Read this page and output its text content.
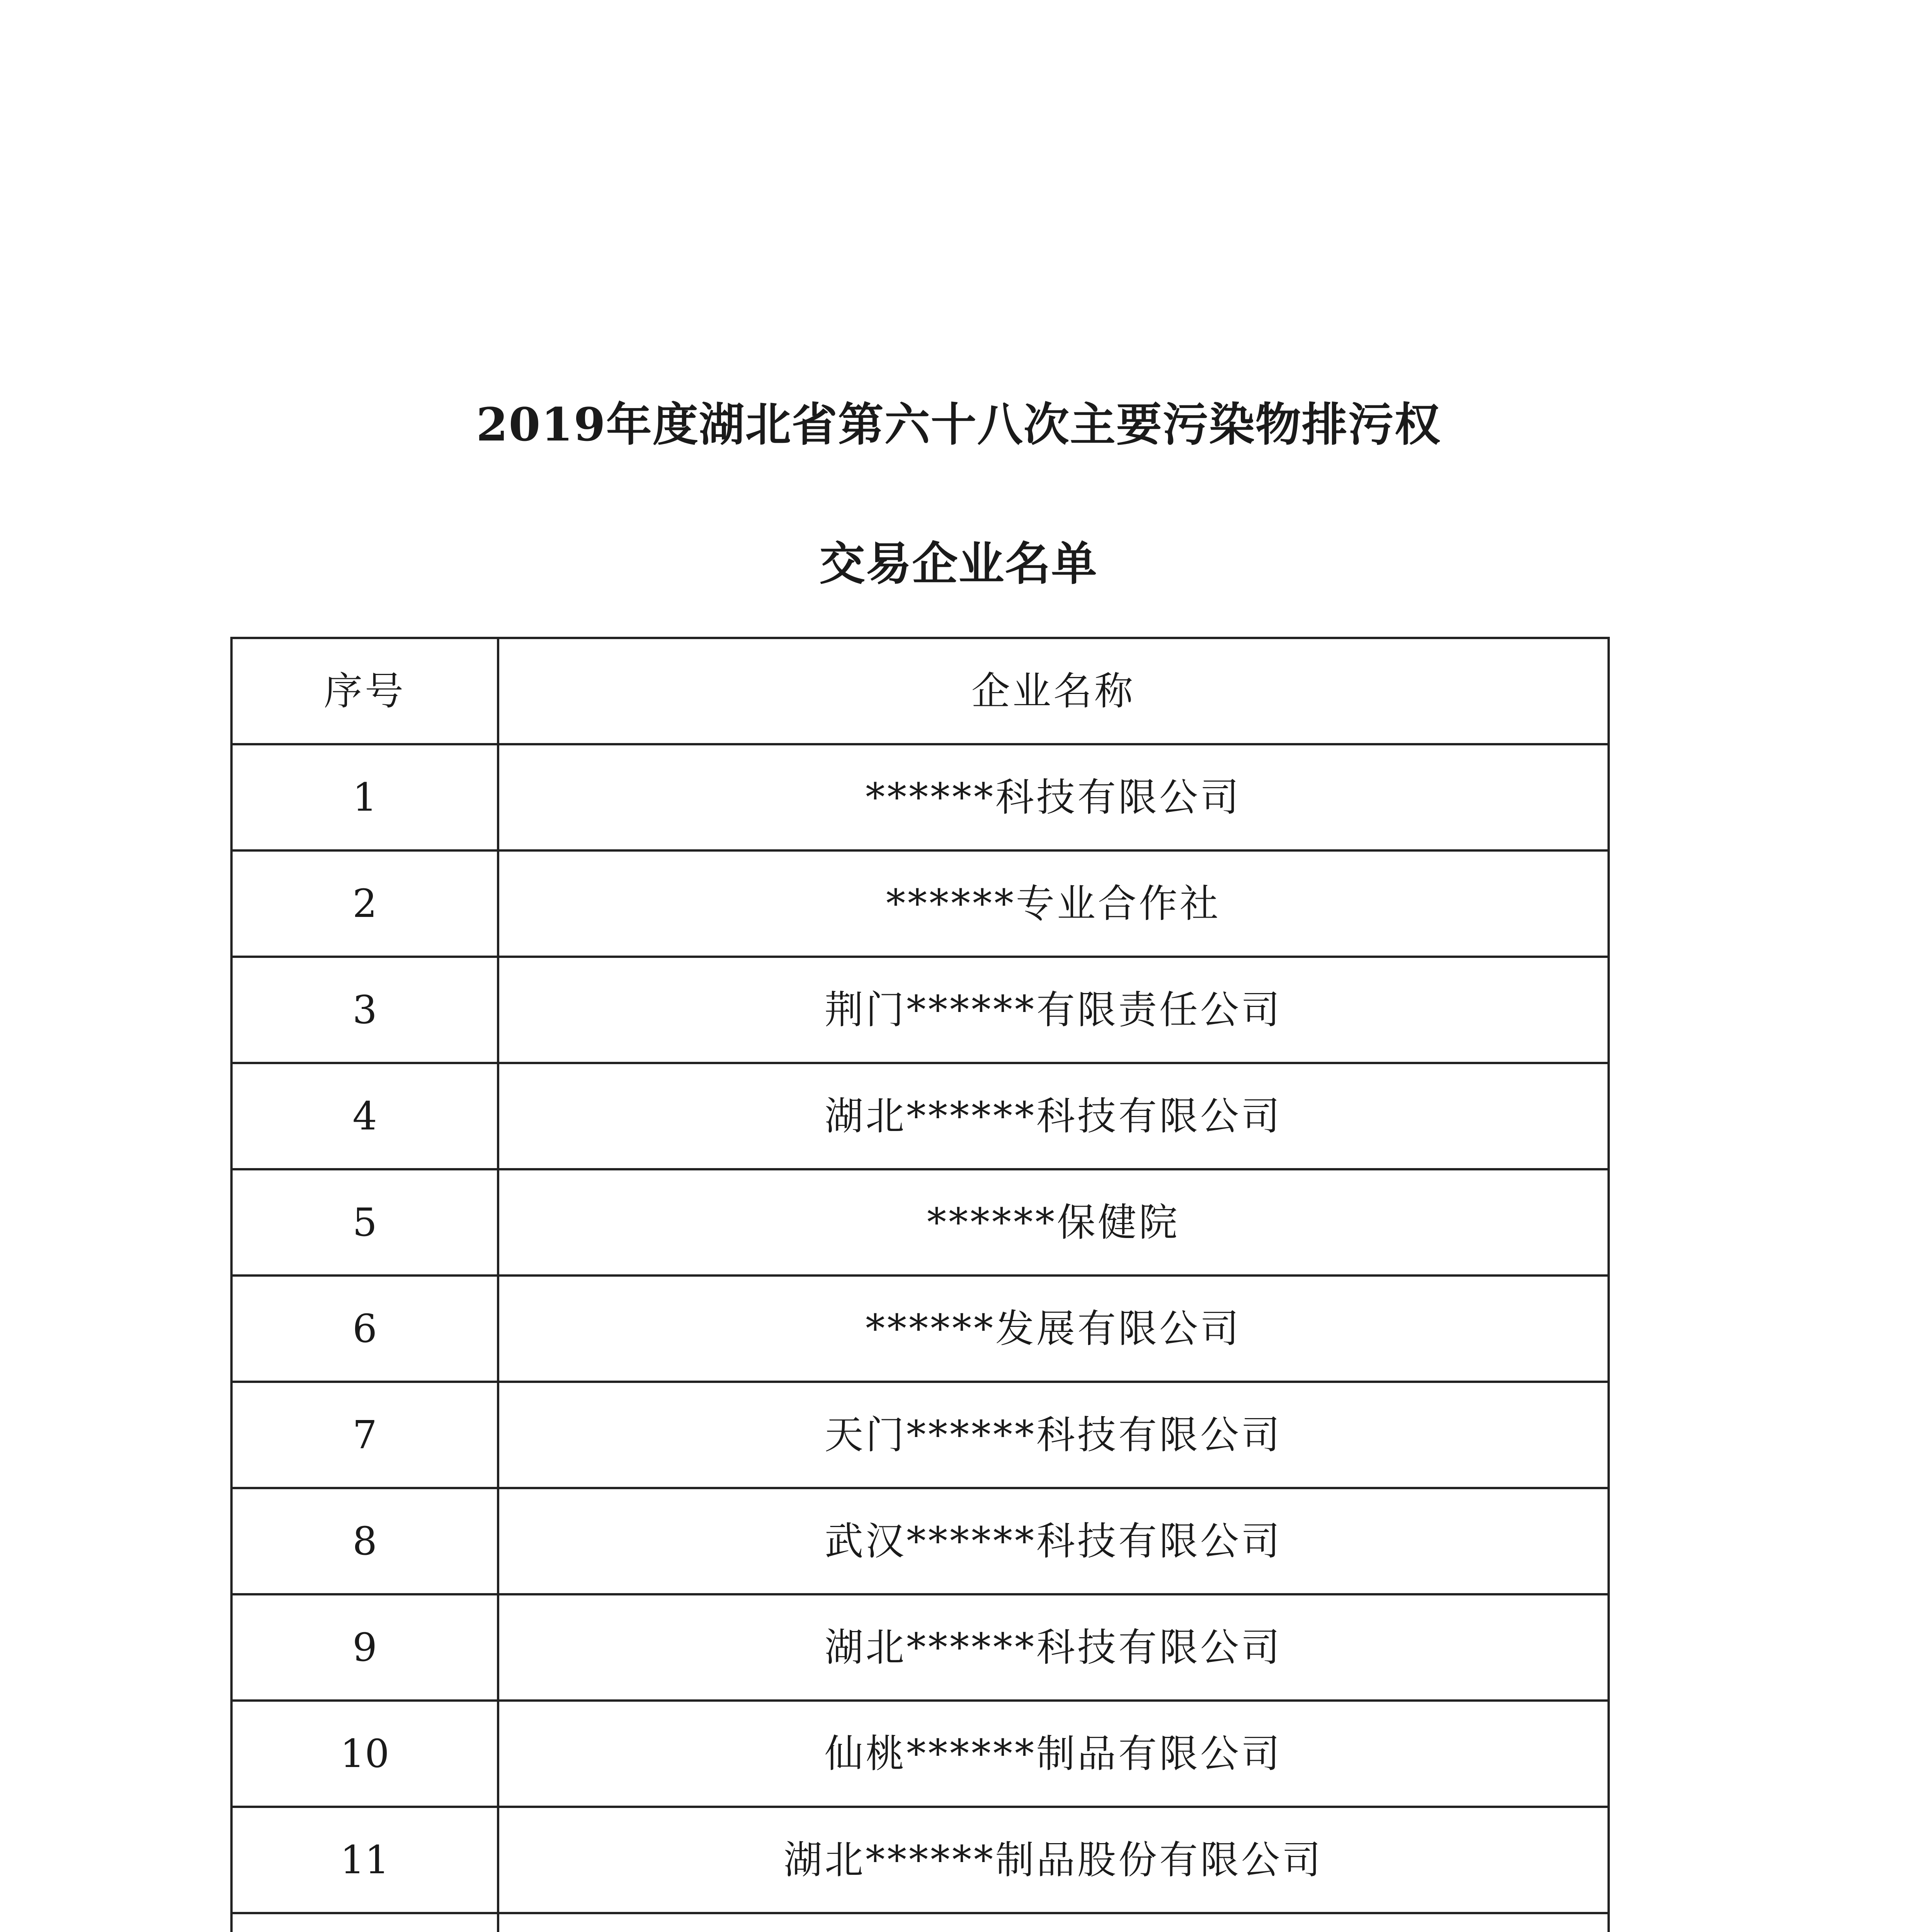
2019年度湖北省第六十八次主要污染物排污权
交易企业名单
序号	企业名称
1	******科技有限公司
2	******专业合作社
3	荆门******有限责任公司
4	湖北******科技有限公司
5	******保健院
6	******发展有限公司
7	天门******科技有限公司
8	武汉******科技有限公司
9	湖北******科技有限公司
10	仙桃******制品有限公司
11	湖北******制品股份有限公司
